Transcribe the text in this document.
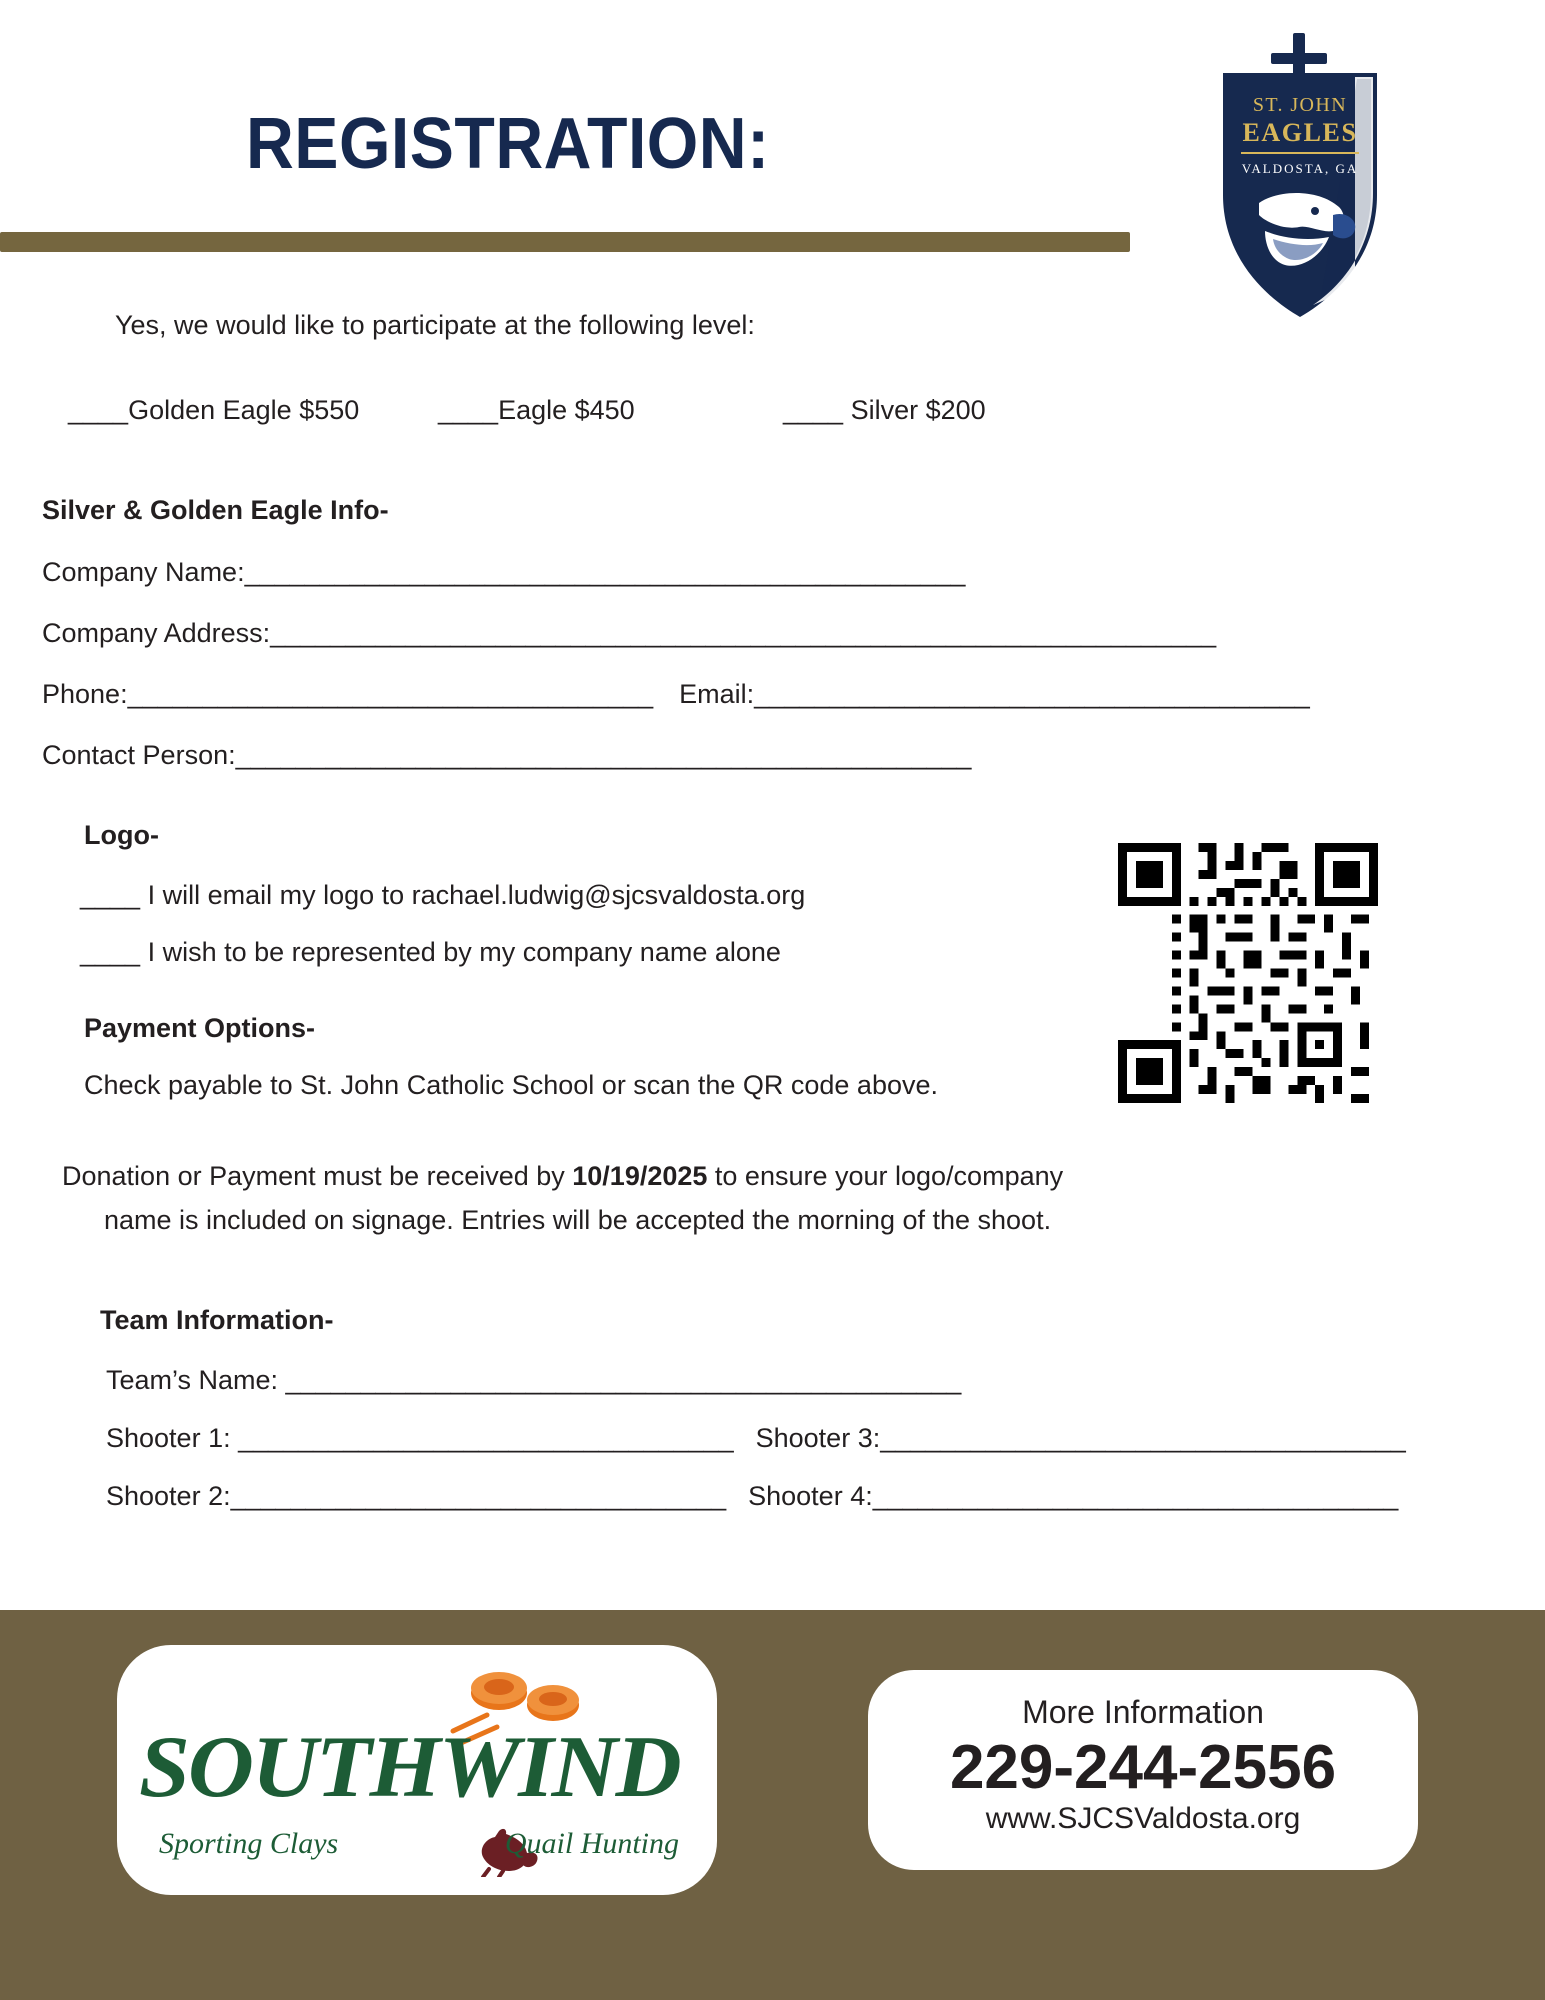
REGISTRATION:	ST. JOHN
EAGLES
VALDOSTA, GA
Yes, we would like to participate at the following level:
____Golden Eagle $550	____Eagle $450	____ Silver $200
Silver & Golden Eagle Info-
Company Name:________________________________________________
Company Address:_______________________________________________________________
Phone:___________________________________ Email:_____________________________________
Contact Person:_________________________________________________
Logo-
____ I will email my logo to rachael.ludwig@sjcsvaldosta.org
____ I wish to be represented by my company name alone
Payment Options-
Check payable to St. John Catholic School or scan the QR code above.
Donation or Payment must be received by 10/19/2025 to ensure your logo/company
name is included on signage. Entries will be accepted the morning of the shoot.
Team Information-
Team’s Name: _____________________________________________
Shooter 1: _________________________________ Shooter 3:___________________________________
Shooter 2:_________________________________ Shooter 4:___________________________________
SOUTHWIND
Sporting Clays	Quail Hunting
More Information
229-244-2556
www.SJCSValdosta.org
